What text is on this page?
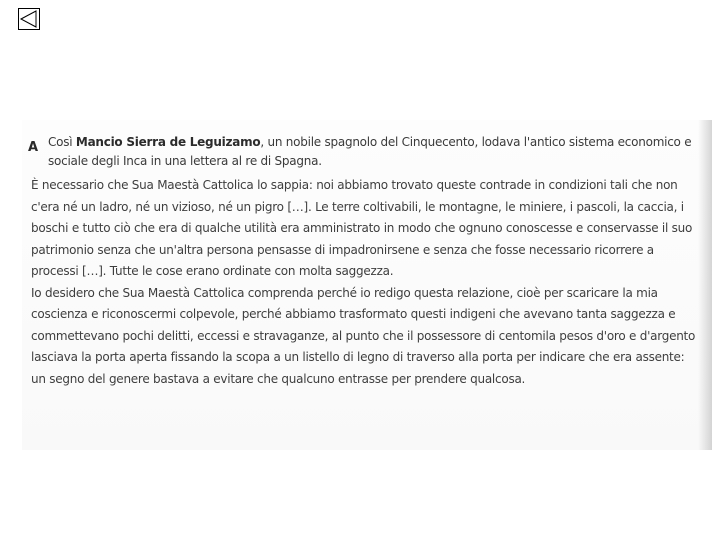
A Così Mancio Sierra de Leguizamo, un nobile spagnolo del Cinquecento, lodava l'antico sistema economico e sociale degli Inca in una lettera al re di Spagna.

È necessario che Sua Maestà Cattolica lo sappia: noi abbiamo trovato queste contrade in condizioni tali che non c'era né un ladro, né un vizioso, né un pigro […]. Le terre coltivabili, le montagne, le miniere, i pascoli, la caccia, i boschi e tutto ciò che era di qualche utilità era amministrato in modo che ognuno conoscesse e conservasse il suo patrimonio senza che un'altra persona pensasse di impadronirsene e senza che fosse necessario ricorrere a processi […]. Tutte le cose erano ordinate con molta saggezza.

Io desidero che Sua Maestà Cattolica comprenda perché io redigo questa relazione, cioè per scaricare la mia coscienza e riconoscermi colpevole, perché abbiamo trasformato questi indigeni che avevano tanta saggezza e commettevano pochi delitti, eccessi e stravaganze, al punto che il possessore di centomila pesos d'oro e d'argento lasciava la porta aperta fissando la scopa a un listello di legno di traverso alla porta per indicare che era assente: un segno del genere bastava a evitare che qualcuno entrasse per prendere qualcosa.
